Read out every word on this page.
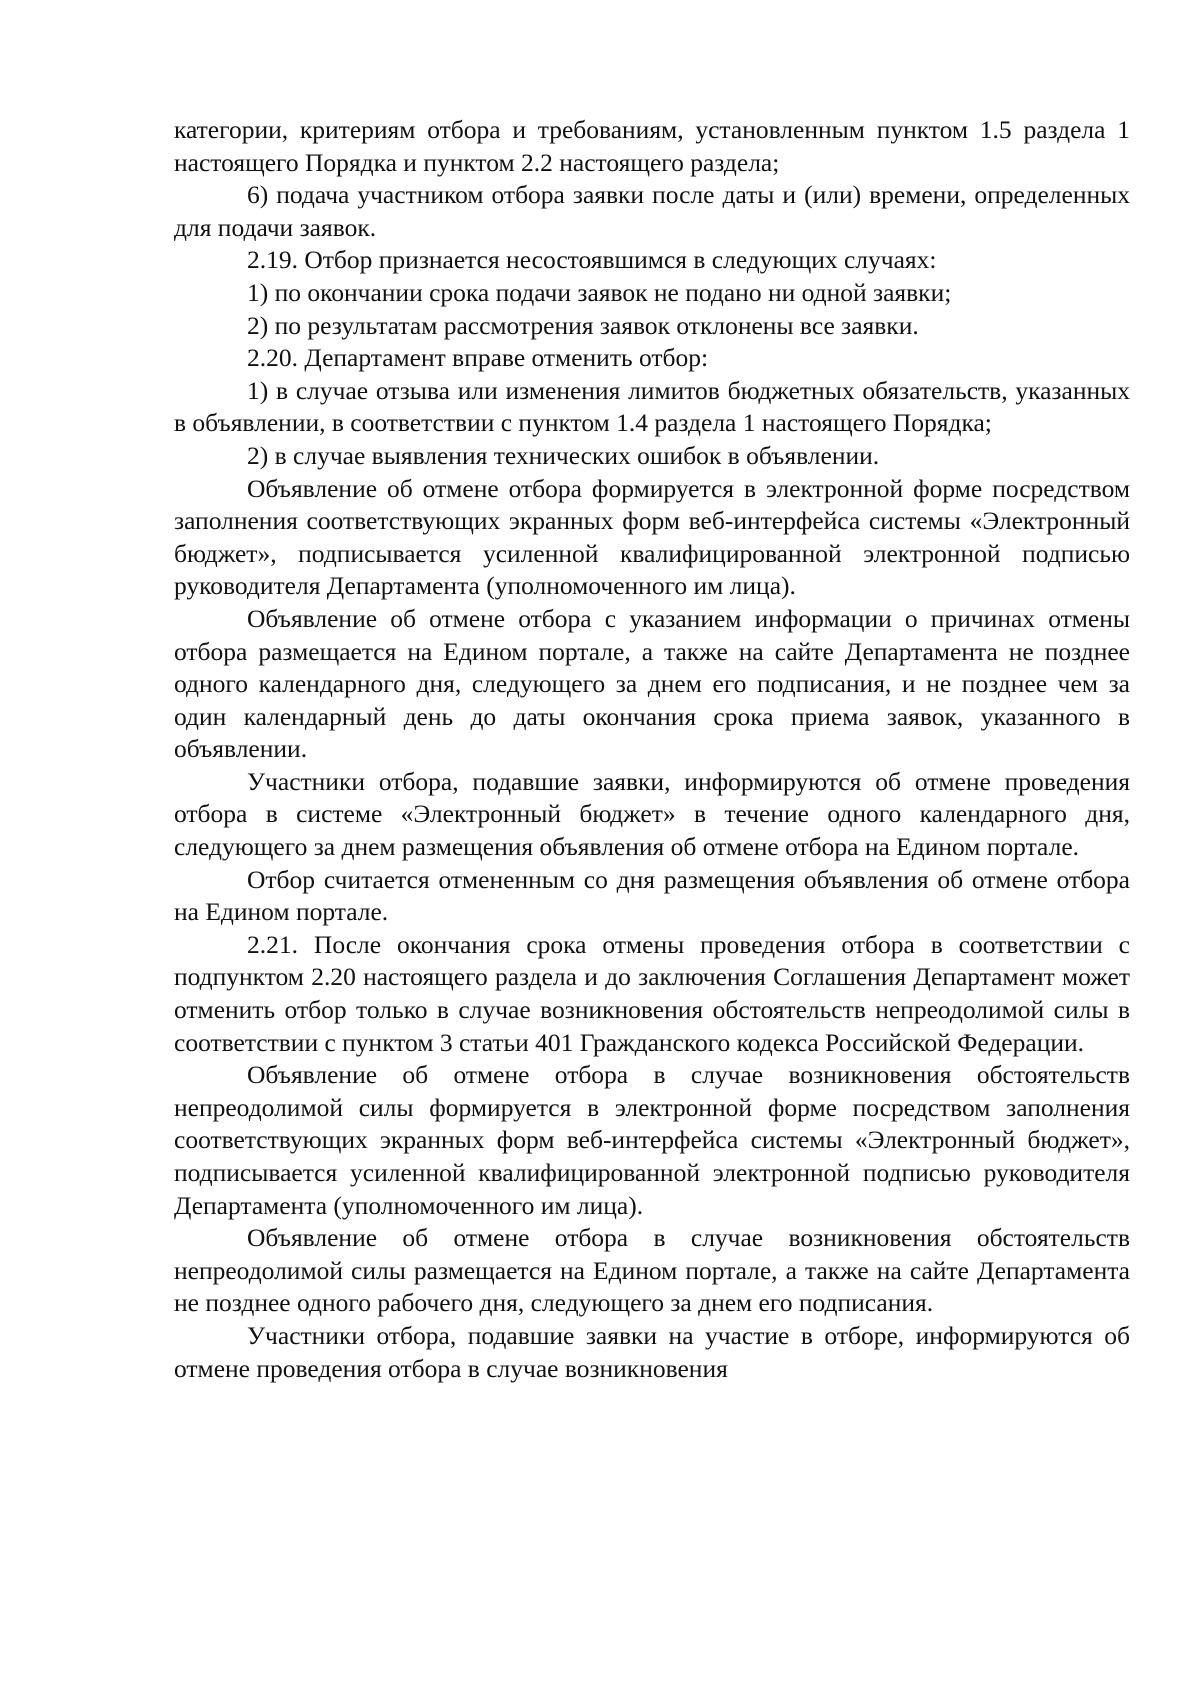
категории, критериям отбора и требованиям, установленным пунктом 1.5 раздела 1 настоящего Порядка и пунктом 2.2 настоящего раздела;

6) подача участником отбора заявки после даты и (или) времени, определенных для подачи заявок.

2.19. Отбор признается несостоявшимся в следующих случаях:

1) по окончании срока подачи заявок не подано ни одной заявки;

2) по результатам рассмотрения заявок отклонены все заявки.

2.20. Департамент вправе отменить отбор:

1) в случае отзыва или изменения лимитов бюджетных обязательств, указанных в объявлении, в соответствии с пунктом 1.4 раздела 1 настоящего Порядка;

2) в случае выявления технических ошибок в объявлении.

Объявление об отмене отбора формируется в электронной форме посредством заполнения соответствующих экранных форм веб-интерфейса системы «Электронный бюджет», подписывается усиленной квалифицированной электронной подписью руководителя Департамента (уполномоченного им лица).

Объявление об отмене отбора с указанием информации о причинах отмены отбора размещается на Едином портале, а также на сайте Департамента не позднее одного календарного дня, следующего за днем его подписания, и не позднее чем за один календарный день до даты окончания срока приема заявок, указанного в объявлении.

Участники отбора, подавшие заявки, информируются об отмене проведения отбора в системе «Электронный бюджет» в течение одного календарного дня, следующего за днем размещения объявления об отмене отбора на Едином портале.

Отбор считается отмененным со дня размещения объявления об отмене отбора на Едином портале.

2.21. После окончания срока отмены проведения отбора в соответствии с подпунктом 2.20 настоящего раздела и до заключения Соглашения Департамент может отменить отбор только в случае возникновения обстоятельств непреодолимой силы в соответствии с пунктом 3 статьи 401 Гражданского кодекса Российской Федерации.

Объявление об отмене отбора в случае возникновения обстоятельств непреодолимой силы формируется в электронной форме посредством заполнения соответствующих экранных форм веб-интерфейса системы «Электронный бюджет», подписывается усиленной квалифицированной электронной подписью руководителя Департамента (уполномоченного им лица).

Объявление об отмене отбора в случае возникновения обстоятельств непреодолимой силы размещается на Едином портале, а также на сайте Департамента не позднее одного рабочего дня, следующего за днем его подписания.

Участники отбора, подавшие заявки на участие в отборе, информируются об отмене проведения отбора в случае возникновения
